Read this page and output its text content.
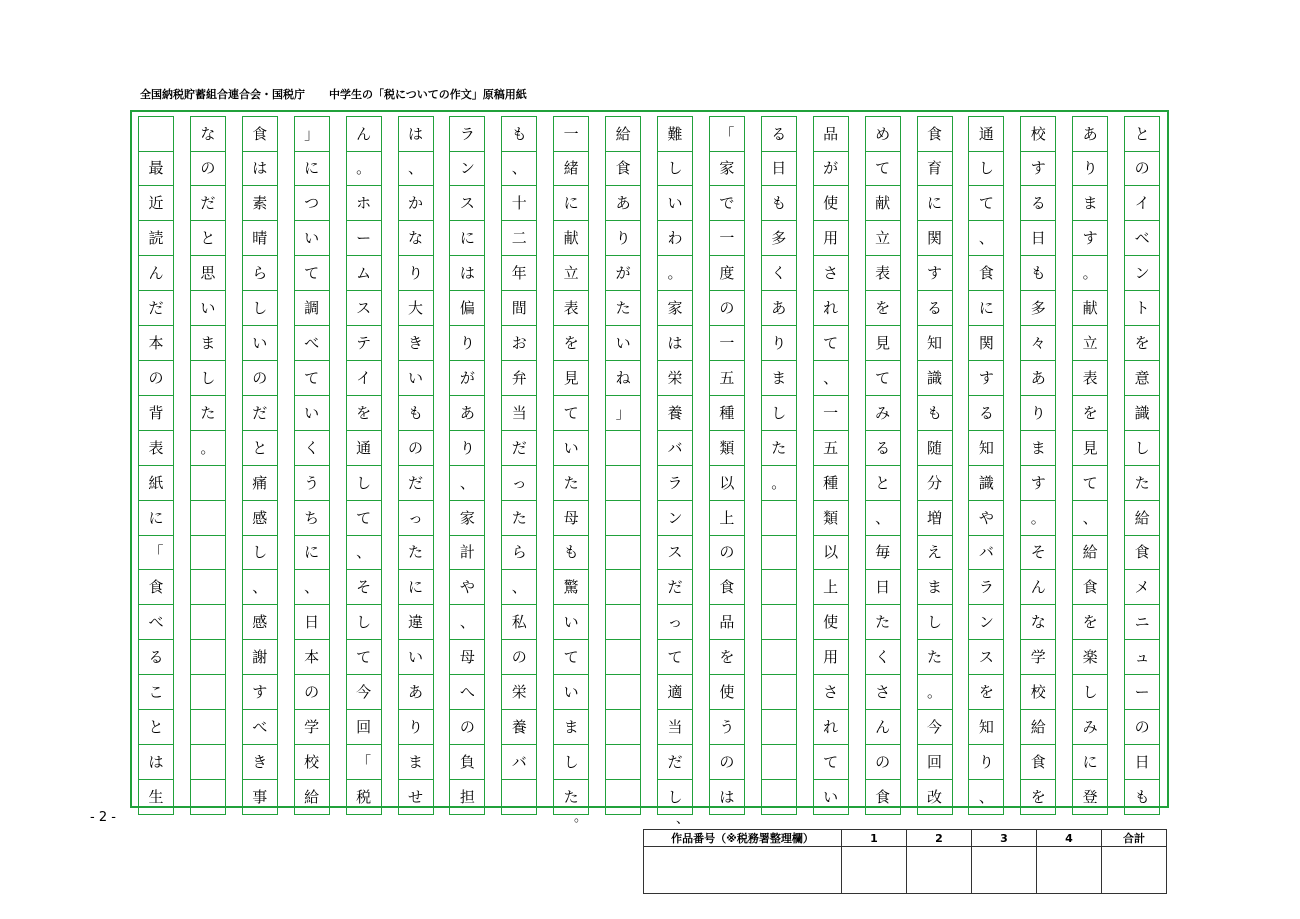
全国納税貯蓄組合連合会・国税庁 中学生の「税についての作文」原稿用紙

最
近
読
ん
だ
本
の
背
表
紙
に
「
食
べ
る
こ
と
は
生
な
の
だ
と
思
い
ま
し
た
。
食
は
素
晴
ら
し
い
の
だ
と
痛
感
し
、
感
謝
す
べ
き
事
」
に
つ
い
て
調
べ
て
い
く
う
ち
に
、
日
本
の
学
校
給
ん
。
ホ
ー
ム
ス
テ
イ
を
通
し
て
、
そ
し
て
今
回
「
税
は
、
か
な
り
大
き
い
も
の
だ
っ
た
に
違
い
あ
り
ま
せ
ラ
ン
ス
に
は
偏
り
が
あ
り
、
家
計
や
、
母
へ
の
負
担
も
、
十
二
年
間
お
弁
当
だ
っ
た
ら
、
私
の
栄
養
バ
一
緒
に
献
立
表
を
見
て
い
た
母
も
驚
い
て
い
ま
し
た
給
食
あ
り
が
た
い
ね
」
難
し
い
わ
。
家
は
栄
養
バ
ラ
ン
ス
だ
っ
て
適
当
だ
し
「
家
で
一
度
の
一
五
種
類
以
上
の
食
品
を
使
う
の
は
る
日
も
多
く
あ
り
ま
し
た
。
品
が
使
用
さ
れ
て
、
一
五
種
類
以
上
使
用
さ
れ
て
い
め
て
献
立
表
を
見
て
み
る
と
、
毎
日
た
く
さ
ん
の
食
食
育
に
関
す
る
知
識
も
随
分
増
え
ま
し
た
。
今
回
改
通
し
て
、
食
に
関
す
る
知
識
や
バ
ラ
ン
ス
を
知
り
、
校
す
る
日
も
多
々
あ
り
ま
す
。
そ
ん
な
学
校
給
食
を
あ
り
ま
す
。
献
立
表
を
見
て
、
給
食
を
楽
し
み
に
登
と
の
イ
ベ
ン
ト
を
意
識
し
た
給
食
メ
ニ
ュ
ー
の
日
も
- 2 -	。	、
作品番号（※税務署整理欄）	1	2	3	4	合計
